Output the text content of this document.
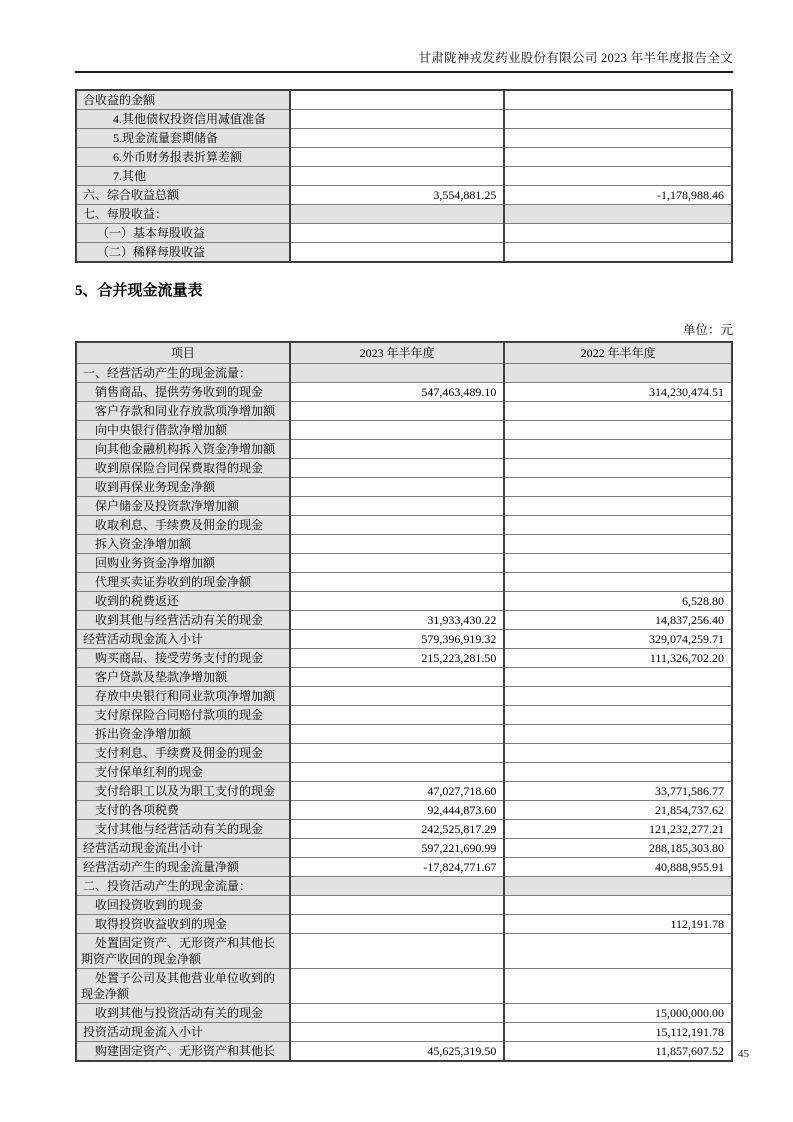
甘肃陇神戎发药业股份有限公司 2023 年半年度报告全文
合收益的金额		
4.其他债权投资信用减值准备		
5.现金流量套期储备		
6.外币财务报表折算差额		
7.其他		
六、综合收益总额	3,554,881.25	-1,178,988.46
七、每股收益：		
（一）基本每股收益		
（二）稀释每股收益		
5、合并现金流量表
单位：元
项目	2023 年半年度	2022 年半年度
一、经营活动产生的现金流量：		
销售商品、提供劳务收到的现金	547,463,489.10	314,230,474.51
客户存款和同业存放款项净增加额		
向中央银行借款净增加额		
向其他金融机构拆入资金净增加额		
收到原保险合同保费取得的现金		
收到再保业务现金净额		
保户储金及投资款净增加额		
收取利息、手续费及佣金的现金		
拆入资金净增加额		
回购业务资金净增加额		
代理买卖证券收到的现金净额		
收到的税费返还		6,528.80
收到其他与经营活动有关的现金	31,933,430.22	14,837,256.40
经营活动现金流入小计	579,396,919.32	329,074,259.71
购买商品、接受劳务支付的现金	215,223,281.50	111,326,702.20
客户贷款及垫款净增加额		
存放中央银行和同业款项净增加额		
支付原保险合同赔付款项的现金		
拆出资金净增加额		
支付利息、手续费及佣金的现金		
支付保单红利的现金		
支付给职工以及为职工支付的现金	47,027,718.60	33,771,586.77
支付的各项税费	92,444,873.60	21,854,737.62
支付其他与经营活动有关的现金	242,525,817.29	121,232,277.21
经营活动现金流出小计	597,221,690.99	288,185,303.80
经营活动产生的现金流量净额	-17,824,771.67	40,888,955.91
二、投资活动产生的现金流量：		
收回投资收到的现金		
取得投资收益收到的现金		112,191.78
处置固定资产、无形资产和其他长期资产收回的现金净额		
处置子公司及其他营业单位收到的现金净额		
收到其他与投资活动有关的现金		15,000,000.00
投资活动现金流入小计		15,112,191.78
购建固定资产、无形资产和其他长	45,625,319.50	11,857,607.52 45
